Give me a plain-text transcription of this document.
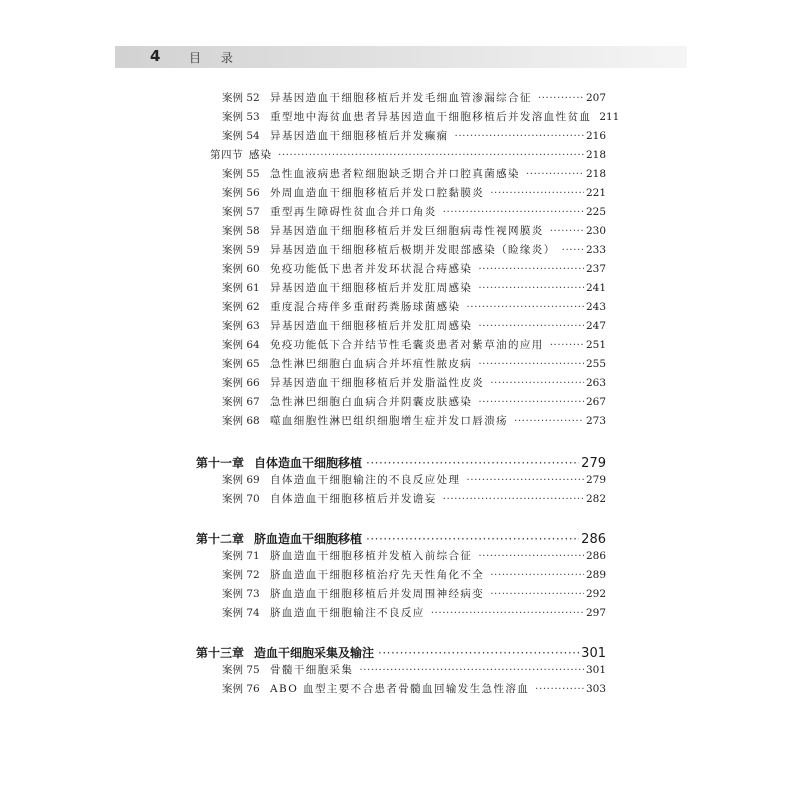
4 目 录
案例 52 异基因造血干细胞移植后并发毛细血管渗漏综合征 ·····	207
案例 53 重型地中海贫血患者异基因造血干细胞移植后并发溶血性贫血 211
案例 54 异基因造血干细胞移植后并发癫痫 ·····	216
第四节 感染 ·····	218
案例 55 急性血液病患者粒细胞缺乏期合并口腔真菌感染 ·····	218
案例 56 外周血造血干细胞移植后并发口腔黏膜炎 ·····	221
案例 57 重型再生障碍性贫血合并口角炎 ·····	225
案例 58 异基因造血干细胞移植后并发巨细胞病毒性视网膜炎 ·····	230
案例 59 异基因造血干细胞移植后极期并发眼部感染（睑缘炎） ·····	233
案例 60 免疫功能低下患者并发环状混合痔感染 ·····	237
案例 61 异基因造血干细胞移植后并发肛周感染 ·····	241
案例 62 重度混合痔伴多重耐药粪肠球菌感染 ·····	243
案例 63 异基因造血干细胞移植后并发肛周感染 ·····	247
案例 64 免疫功能低下合并结节性毛囊炎患者对紫草油的应用 ·····	251
案例 65 急性淋巴细胞白血病合并坏疽性脓皮病 ·····	255
案例 66 异基因造血干细胞移植后并发脂溢性皮炎 ·····	263
案例 67 急性淋巴细胞白血病合并阴囊皮肤感染 ·····	267
案例 68 噬血细胞性淋巴组织细胞增生症并发口唇溃疡 ·····	273
第十一章 自体造血干细胞移植 ·····	279
案例 69 自体造血干细胞输注的不良反应处理 ·····	279
案例 70 自体造血干细胞移植后并发谵妄 ·····	282
第十二章 脐血造血干细胞移植 ·····	286
案例 71 脐血造血干细胞移植并发植入前综合征 ·····	286
案例 72 脐血造血干细胞移植治疗先天性角化不全 ·····	289
案例 73 脐血造血干细胞移植后并发周围神经病变 ·····	292
案例 74 脐血造血干细胞输注不良反应 ·····	297
第十三章 造血干细胞采集及输注 ·····	301
案例 75 骨髓干细胞采集 ·····	301
案例 76 ABO 血型主要不合患者骨髓血回输发生急性溶血 ·····	303
